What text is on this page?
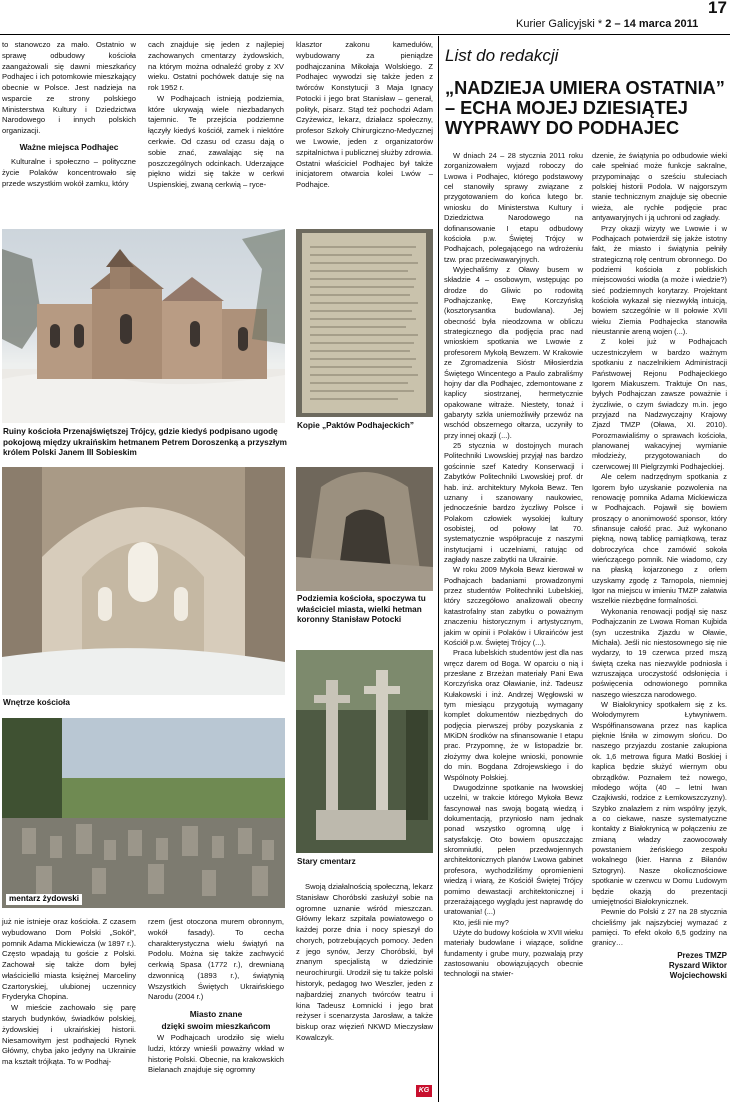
Kurier Galicyjski * 2 – 14 marca 2011
17

to stanowczo za mało. Ostatnio w sprawę odbudowy kościoła zaangażowali się dawni mieszkańcy Podhajec i ich potomkowie mieszkający obecnie w Polsce. Jest nadzieja na wsparcie ze strony polskiego Ministerstwa Kultury i Dziedzictwa Narodowego i innych polskich organizacji.

Ważne miejsca Podhajec

Kulturalne i społeczno – polityczne życie Polaków koncentrowało się przede wszystkim wokół zamku, który

cach znajduje się jeden z najlepiej zachowanych cmentarzy żydowskich, na którym można odnaleźć groby z XV wieku. Ostatni pochówek datuje się na rok 1952 r.

W Podhajcach istnieją podziemia, które ukrywają wiele niezbadanych tajemnic. Te przejścia podziemne łączyły kiedyś kościół, zamek i niektóre cerkwie. Od czasu od czasu dają o sobie znać, zawalając się na poszczególnych odcinkach. Uderzające piękno widzi się także w cerkwi Uspienskiej, zwaną cerkwią – ryce-

klasztor zakonu kamedułów, wybudowany za pieniądze podhajczanina Mikołaja Wolskiego. Z Podhajec wywodzi się także jeden z twórców Konstytucji 3 Maja Ignacy Potocki i jego brat Stanisław – generał, polityk, pisarz. Stąd też pochodzi Adam Czyżewicz, lekarz, działacz społeczny, profesor Szkoły Chirurgiczno-Medycznej we Lwowie, jeden z organizatorów szpitalnictwa i publicznej służby zdrowia. Ostatni właściciel Podhajec był także inicjatorem otwarcia kolei Lwów – Podhajce.

Ruiny kościoła Przenajświętszej Trójcy, gdzie kiedyś podpisano ugodę pokojową między ukraińskim hetmanem Petrem Doroszenką a przyszłym królem Polski Janem III Sobieskim
Kopie „Paktów Podhajeckich”
Wnętrze kościoła
Podziemia kościoła, spoczywa tu właściciel miasta, wielki hetman koronny Stanisław Potocki
Stary cmentarz
mentarz żydowski

Swoją działalnością społeczną, lekarz Stanisław Choróbski zasłużył sobie na ogromne uznanie wśród mieszczan. Główny lekarz szpitala powiatowego o każdej porze dnia i nocy spieszył do chorych, potrzebujących pomocy. Jeden z jego synów, Jerzy Choróbski, był znanym specjalistą w dziedzinie neurochirurgii. Urodził się tu także polski historyk, pedagog Iwo Weszler, jeden z najbardziej znanych twórców teatru i kina Tadeusz Łomnicki i jego brat reżyser i scenarzysta Jarosław, a także biskup oraz więzień NKWD Mieczysław Kowalczyk.

już nie istnieje oraz kościoła. Z czasem wybudowano Dom Polski „Sokół”, pomnik Adama Mickiewicza (w 1897 r.). Często wpadają tu goście z Polski. Zachował się także dom byłej właścicielki miasta księżnej Marceliny Czartoryskiej, ulubionej uczennicy Fryderyka Chopina.

W mieście zachowało się parę starych budynków, świadków polskiej, żydowskiej i ukraińskiej historii. Niesamowitym jest podhajecki Rynek Główny, chyba jako jedyny na Ukrainie ma kształt trójkąta. To w Podhaj-

rzem (jest otoczona murem obronnym, wokół fasady). To cecha charakterystyczna wielu świątyń na Podolu. Można się także zachwycić cerkwią Spasa (1772 r.), drewnianą dzwonnicą (1893 r.), świątynią Wszystkich Świętych Ukraińskiego Narodu (2004 r.)

Miasto znane
dzięki swoim mieszkańcom

W Podhajcach urodziło się wielu ludzi, którzy wnieśli poważny wkład w historię Polski. Obecnie, na krakowskich Bielanach znajduje się ogromny

List do redakcji
„NADZIEJA UMIERA OSTATNIA” – ECHA MOJEJ DZIESIĄTEJ WYPRAWY DO PODHAJEC

W dniach 24 – 28 stycznia 2011 roku zorganizowałem wyjazd roboczy do Lwowa i Podhajec, którego podstawowy cel stanowiły sprawy związane z przygotowaniem do końca lutego br. wniosku do Ministerstwa Kultury i Dziedzictwa Narodowego na dofinansowanie I etapu odbudowy kościoła p.w. Świętej Trójcy w Podhajcach, polegającego na wdrożeniu tzw. prac przeciwawaryjnych.

Wyjechaliśmy z Oławy busem w składzie 4 – osobowym, wstępując po drodze do Gliwic po rodowitą Podhajczankę, Ewę Korczyńską (kosztorysantka budowlana). Jej obecność była nieodzowna w obliczu strategicznego dla podjęcia prac nad wnioskiem spotkania we Lwowie z profesorem Mykołą Bewzem. W Krakowie ze Zgromadzenia Sióstr Miłosierdzia Świętego Wincentego a Paulo zabraliśmy hojny dar dla Podhajec, zdemontowane z kaplicy siostrzanej, hermetycznie opakowane witraże. Niestety, tonaż i gabaryty szkła uniemożliwiły przewóz na wschód obszernego ołtarza, uczyniły to przy innej okazji (...).

25 stycznia w dostojnych murach Politechniki Lwowskiej przyjął nas bardzo gościnnie szef Katedry Konserwacji i Zabytków Politechniki Lwowskiej prof. dr hab. inż. architektury Mykoła Bewz. Ten uznany i szanowany naukowiec, jednocześnie bardzo życzliwy Polsce i Polakom człowiek wysokiej kultury osobistej, od połowy lat 70. systematycznie współpracuje z naszymi instytucjami i uczelniami, ratując od zagłady nasze zabytki na Ukrainie.

W roku 2009 Mykoła Bewz kierował w Podhajcach badaniami prowadzonymi przez studentów Politechniki Lubelskiej, który szczegółowo analizowali obecny katastrofalny stan zabytku o poważnym znaczeniu historycznym i artystycznym, jakim w opinii i Polaków i Ukraińców jest Kościół p.w. Świętej Trójcy (...).

Praca lubelskich studentów jest dla nas wręcz darem od Boga. W oparciu o nią i przesłane z Brzeżan materiały Pani Ewa Korczyńska oraz Oławianie, inż. Tadeusz Kułakowski i inż. Andrzej Węgłowski w tym miesiącu przygotują wymagany komplet dokumentów niezbędnych do podjęcia pierwszej próby pozyskania z MKiDN środków na sfinansowanie I etapu prac. Przypomnę, że w listopadzie br. złożymy dwa kolejne wnioski, ponownie do min. Bogdana Zdrojewskiego i do Wspólnoty Polskiej.

Dwugodzinne spotkanie na lwowskiej uczelni, w trakcie którego Mykoła Bewz fascynował nas swoją bogatą wiedzą i dokumentacją, przyniosło nam jednak ponad wszystko ogromną ulgę i satysfakcję. Oto bowiem opuszczając skromniutki, pełen przedwojennych architektonicznych planów Lwowa gabinet profesora, wychodziliśmy opromienieni wiedzą i wiarą, że Kościół Świętej Trójcy pomimo dewastacji architektonicznej i przerażającego wyglądu jest naprawdę do uratowania! (...)

Kto, jeśli nie my?

Użyte do budowy kościoła w XVII wieku materiały budowlane i wiązące, solidne fundamenty i grube mury, pozwalają przy zastosowaniu obowiązujących obecnie technologii na stwier-

dzenie, że świątynia po odbudowie wieki całe spełniać może funkcje sakralne, przypominając o sześciu stuleciach polskiej historii Podola. W najgorszym stanie technicznym znajduje się obecnie wieża, ale rychłe podjęcie prac antyawaryjnych i ją uchroni od zagłady.

Przy okazji wizyty we Lwowie i w Podhajcach potwierdził się jakże istotny fakt, że miasto i świątynia pełniły strategiczną rolę centrum obronnego. Do podziemi kościoła z pobliskich miejscowości wiodła (a może i wiedzie?) sieć podziemnych korytarzy. Projektant kościoła wykazał się niezwykłą intuicją, bowiem szczególnie w II połowie XVII wieku Ziemia Podhajecka stanowiła nieustannie areną wojen (...).

Z kolei już w Podhajcach uczestniczyłem w bardzo ważnym spotkaniu z naczelnikiem Administracji Państwowej Rejonu Podhajeckiego Igorem Miakuszem. Traktuje On nas, byłych Podhajczan zawsze poważnie i życzliwie, o czym świadczy m.in. jego przyjazd na Nadzwyczajny Krajowy Zjazd TMZP (Oława, XI. 2010). Porozmawialiśmy o sprawach kościoła, planowanej wakacyjnej wymianie młodzieży, przygotowaniach do czerwcowej III Pielgrzymki Podhajeckiej.

Ale celem nadrzędnym spotkania z Igorem było uzyskanie pozwolenia na renowację pomnika Adama Mickiewicza w Podhajcach. Pojawił się bowiem proszący o anonimowość sponsor, który sfinansuje całość prac. Już wykonano piękną, nową tablicę pamiątkową, teraz dobroczyńca chce zamówić sokoła wieńczącego pomnik. Nie wiadomo, czy na płaską kojarzonego z orłem uzyskamy zgodę z Tarnopola, niemniej Igor na miejscu w imieniu TMZP załatwia wszelkie niezbędne formalności.

Wykonania renowacji podjął się nasz Podhajczanin ze Lwowa Roman Kujbida (syn uczestnika Zjazdu w Oławie, Michała). Jeśli nic niestosownego się nie wydarzy, to 19 czerwca przed mszą świętą czeka nas niezwykle podniosła i wzruszająca uroczystość odsłonięcia i poświęcenia odnowionego pomnika naszego wieszcza narodowego.

W Białokrynicy spotkałem się z ks. Wołodymyrem Łytwyniwem. Współfinansowana przez nas kaplica pięknie lśniła w zimowym słońcu. Do naszego przyjazdu zostanie zakupiona ok. 1,6 metrowa figura Matki Boskiej i kaplica będzie służyć wiernym obu obrządków. Poznałem też nowego, młodego wójta (40 – letni Iwan Czajkiwski, rodzice z Łemkowszczyzny). Szybko znalazłem z nim wspólny język, a co ciekawe, nasze systematyczne kontakty z Białokrynicą w połączeniu ze zmianą władzy zaowocowały powstaniem żeńskiego zespołu wokalnego (kier. Hanna z Biłanów Sztogryn). Nasze okolicznościowe spotkanie w czerwcu w Domu Ludowym będzie okazją do prezentacji umiejętności Białokrynicznek.

Pewnie do Polski z 27 na 28 stycznia chcieliśmy jak najszybciej wymazać z pamięci. To efekt około 6,5 godziny na granicy…

Prezes TMZP
Ryszard Wiktor
Wojciechowski
KG
